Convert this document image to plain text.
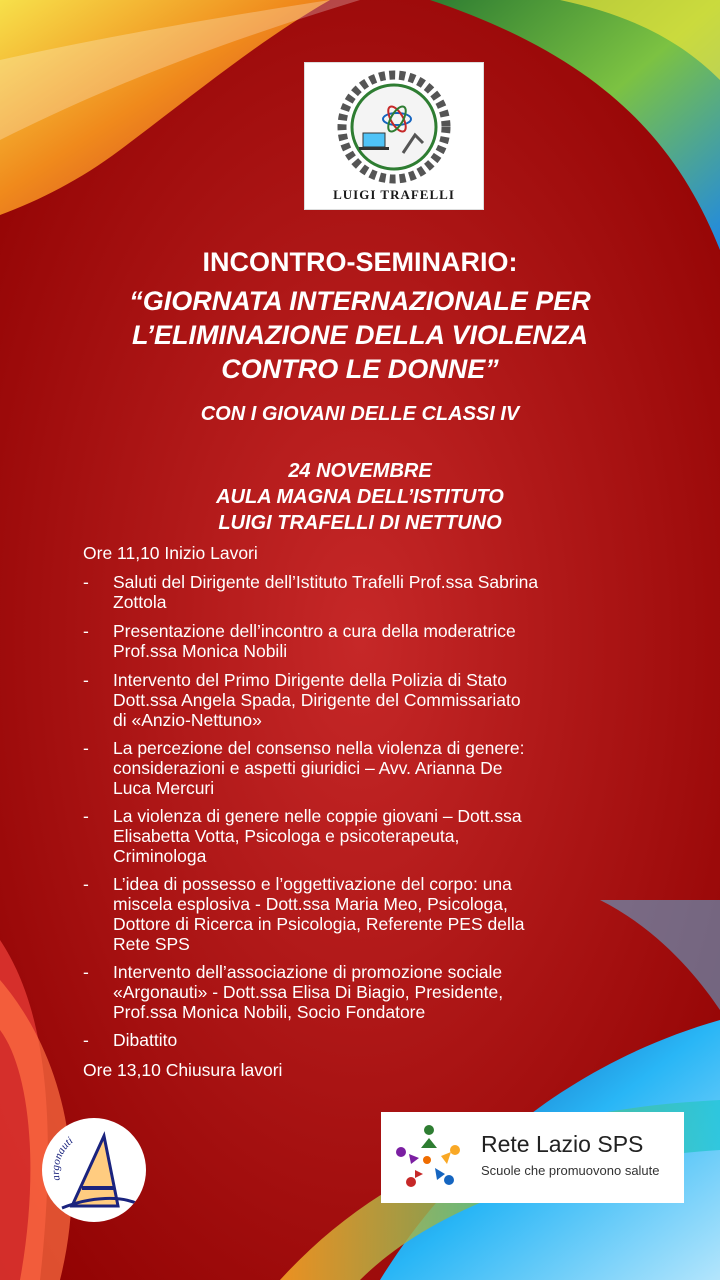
LUIGI TRAFELLI
INCONTRO-SEMINARIO:
“GIORNATA INTERNAZIONALE PER
L’ELIMINAZIONE DELLA VIOLENZA
CONTRO LE DONNE”
CON I GIOVANI DELLE CLASSI IV
24 NOVEMBRE
AULA MAGNA DELL’ISTITUTO
LUIGI TRAFELLI DI NETTUNO
Ore 11,10 Inizio Lavori
- Saluti del Dirigente dell’Istituto Trafelli Prof.ssa Sabrina
Zottola
- Presentazione dell’incontro a cura della moderatrice
Prof.ssa Monica Nobili
- Intervento del Primo Dirigente della Polizia di Stato
Dott.ssa Angela Spada, Dirigente del Commissariato
di «Anzio-Nettuno»
- La percezione del consenso nella violenza di genere:
considerazioni e aspetti giuridici – Avv. Arianna De
Luca Mercuri
- La violenza di genere nelle coppie giovani – Dott.ssa
Elisabetta Votta, Psicologa e psicoterapeuta,
Criminologa
- L’idea di possesso e l’oggettivazione del corpo: una
miscela esplosiva - Dott.ssa Maria Meo, Psicologa,
Dottore di Ricerca in Psicologia, Referente PES della
Rete SPS
- Intervento dell’associazione di promozione sociale
«Argonauti» - Dott.ssa Elisa Di Biagio, Presidente,
Prof.ssa Monica Nobili, Socio Fondatore
- Dibattito
Ore 13,10 Chiusura lavori
argonauti	Rete Lazio SPS
Scuole che promuovono salute
